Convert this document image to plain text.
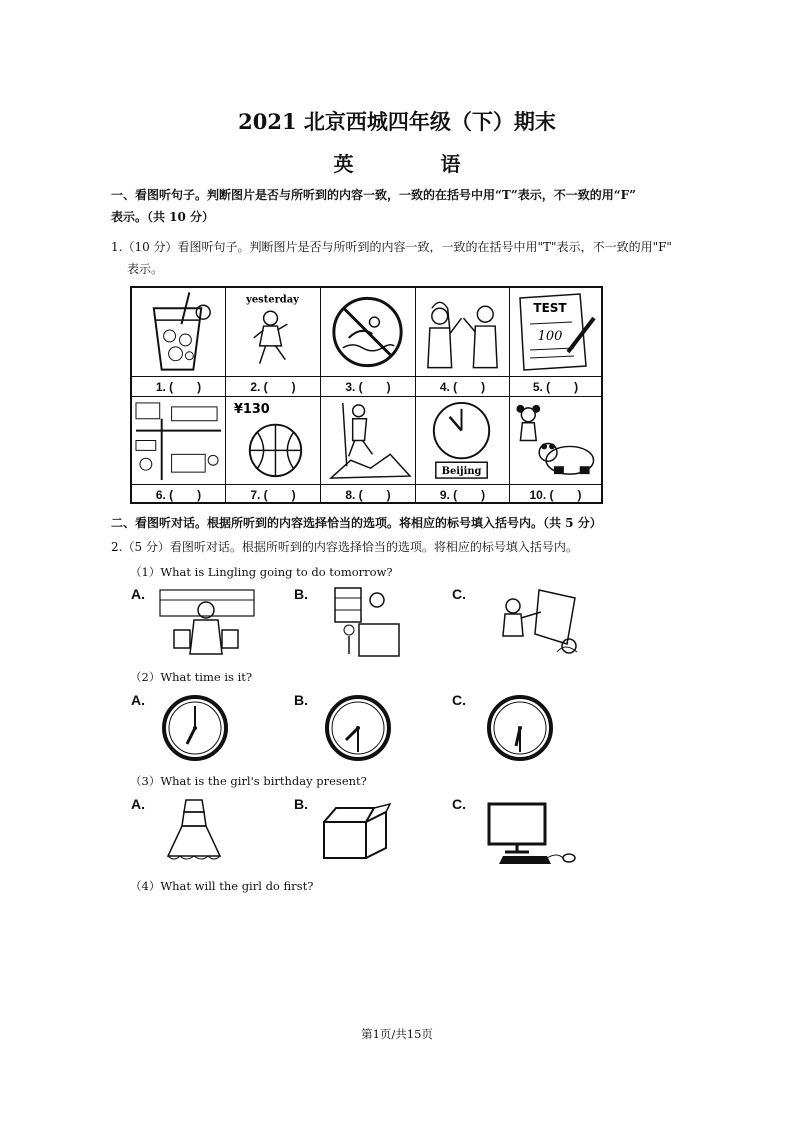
2021 北京西城四年级（下）期末
英 语
一、看图听句子。判断图片是否与所听到的内容一致，一致的在括号中用“T”表示，不一致的用“F”
表示。（共 10 分）
1.（10 分）看图听句子。判断图片是否与所听到的内容一致，一致的在括号中用"T"表示，不一致的用"F"
表示。
yesterday
TEST
100
1. (　　)	2. (　　)	3. (　　)	4. (　　)	5. (　　)
¥130
Beijing
6. (　　)	7. (　　)	8. (　　)	9. (　　)	10. (　　)
二、看图听对话。根据所听到的内容选择恰当的选项。将相应的标号填入括号内。（共 5 分）
2.（5 分）看图听对话。根据所听到的内容选择恰当的选项。将相应的标号填入括号内。
（1）What is Lingling going to do tomorrow?
A.	B.	C.
（2）What time is it?
A.	B.	C.
（3）What is the girl's birthday present?
A.	B.	C.
（4）What will the girl do first?
第1页/共15页
